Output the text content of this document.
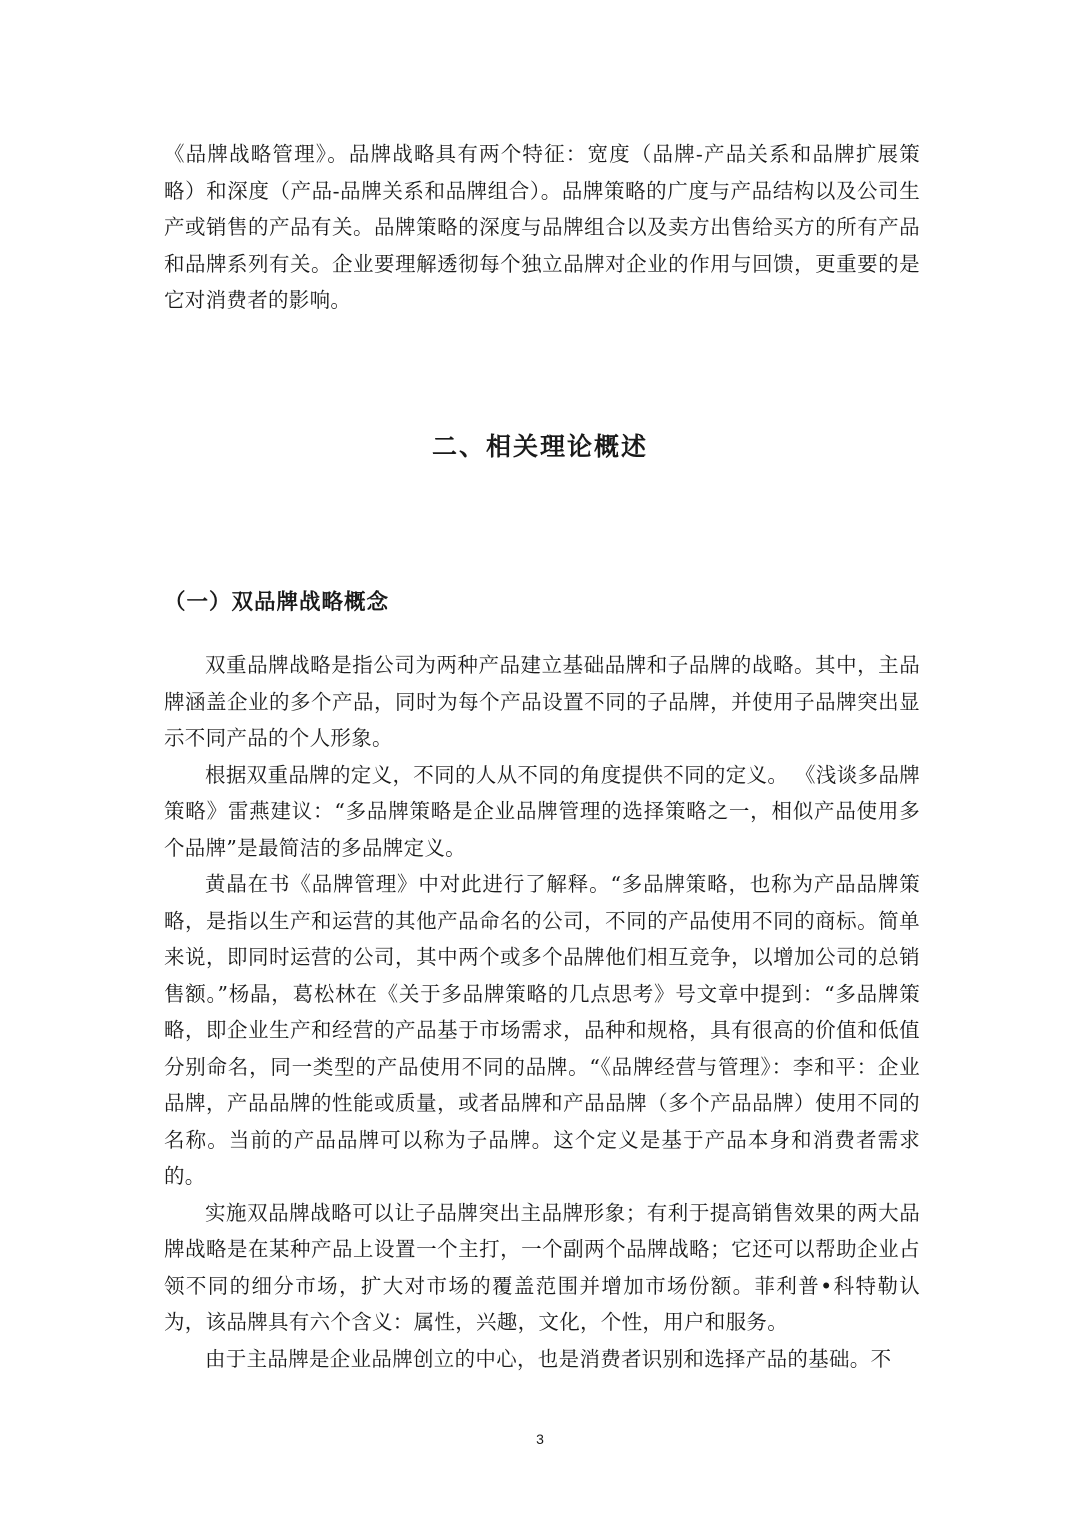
《品牌战略管理》。品牌战略具有两个特征：宽度（品牌-产品关系和品牌扩展策略）和深度（产品-品牌关系和品牌组合）。品牌策略的广度与产品结构以及公司生产或销售的产品有关。品牌策略的深度与品牌组合以及卖方出售给买方的所有产品和品牌系列有关。企业要理解透彻每个独立品牌对企业的作用与回馈，更重要的是它对消费者的影响。

二、相关理论概述
（一）双品牌战略概念

双重品牌战略是指公司为两种产品建立基础品牌和子品牌的战略。其中，主品牌涵盖企业的多个产品，同时为每个产品设置不同的子品牌，并使用子品牌突出显示不同产品的个人形象。

根据双重品牌的定义，不同的人从不同的角度提供不同的定义。 《浅谈多品牌策略》雷燕建议：“多品牌策略是企业品牌管理的选择策略之一，相似产品使用多个品牌”是最简洁的多品牌定义。

黄晶在书《品牌管理》中对此进行了解释。“多品牌策略，也称为产品品牌策略，是指以生产和运营的其他产品命名的公司，不同的产品使用不同的商标。简单来说，即同时运营的公司，其中两个或多个品牌他们相互竞争，以增加公司的总销售额。”杨晶，葛松林在《关于多品牌策略的几点思考》号文章中提到：“多品牌策略，即企业生产和经营的产品基于市场需求，品种和规格，具有很高的价值和低值分别命名，同一类型的产品使用不同的品牌。“《品牌经营与管理》：李和平：企业品牌，产品品牌的性能或质量，或者品牌和产品品牌（多个产品品牌）使用不同的名称。当前的产品品牌可以称为子品牌。这个定义是基于产品本身和消费者需求的。

实施双品牌战略可以让子品牌突出主品牌形象；有利于提高销售效果的两大品牌战略是在某种产品上设置一个主打，一个副两个品牌战略；它还可以帮助企业占领不同的细分市场，扩大对市场的覆盖范围并增加市场份额。菲利普•科特勒认为，该品牌具有六个含义：属性，兴趣，文化，个性，用户和服务。

由于主品牌是企业品牌创立的中心，也是消费者识别和选择产品的基础。不

3
